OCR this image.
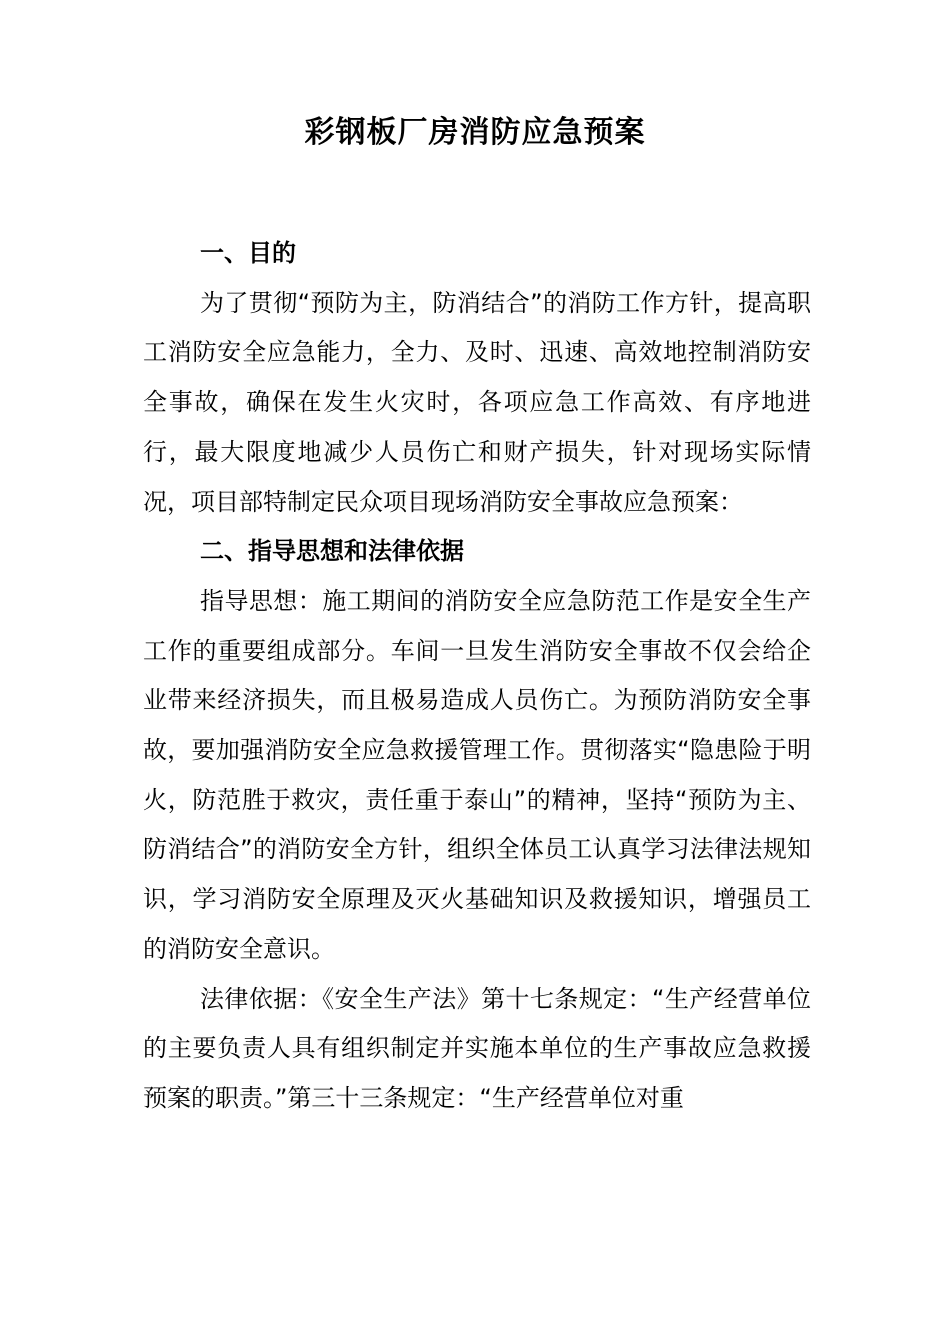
彩钢板厂房消防应急预案

一、目的

为了贯彻“预防为主，防消结合”的消防工作方针，提高职工消防安全应急能力，全力、及时、迅速、高效地控制消防安全事故，确保在发生火灾时，各项应急工作高效、有序地进行，最大限度地减少人员伤亡和财产损失，针对现场实际情况，项目部特制定民众项目现场消防安全事故应急预案：

二、指导思想和法律依据

指导思想：施工期间的消防安全应急防范工作是安全生产工作的重要组成部分。车间一旦发生消防安全事故不仅会给企业带来经济损失，而且极易造成人员伤亡。为预防消防安全事故，要加强消防安全应急救援管理工作。贯彻落实“隐患险于明火，防范胜于救灾，责任重于泰山”的精神，坚持“预防为主、防消结合”的消防安全方针，组织全体员工认真学习法律法规知识，学习消防安全原理及灭火基础知识及救援知识，增强员工的消防安全意识。

法律依据：《安全生产法》第十七条规定：“生产经营单位的主要负责人具有组织制定并实施本单位的生产事故应急救援预案的职责。”第三十三条规定：“生产经营单位对重
